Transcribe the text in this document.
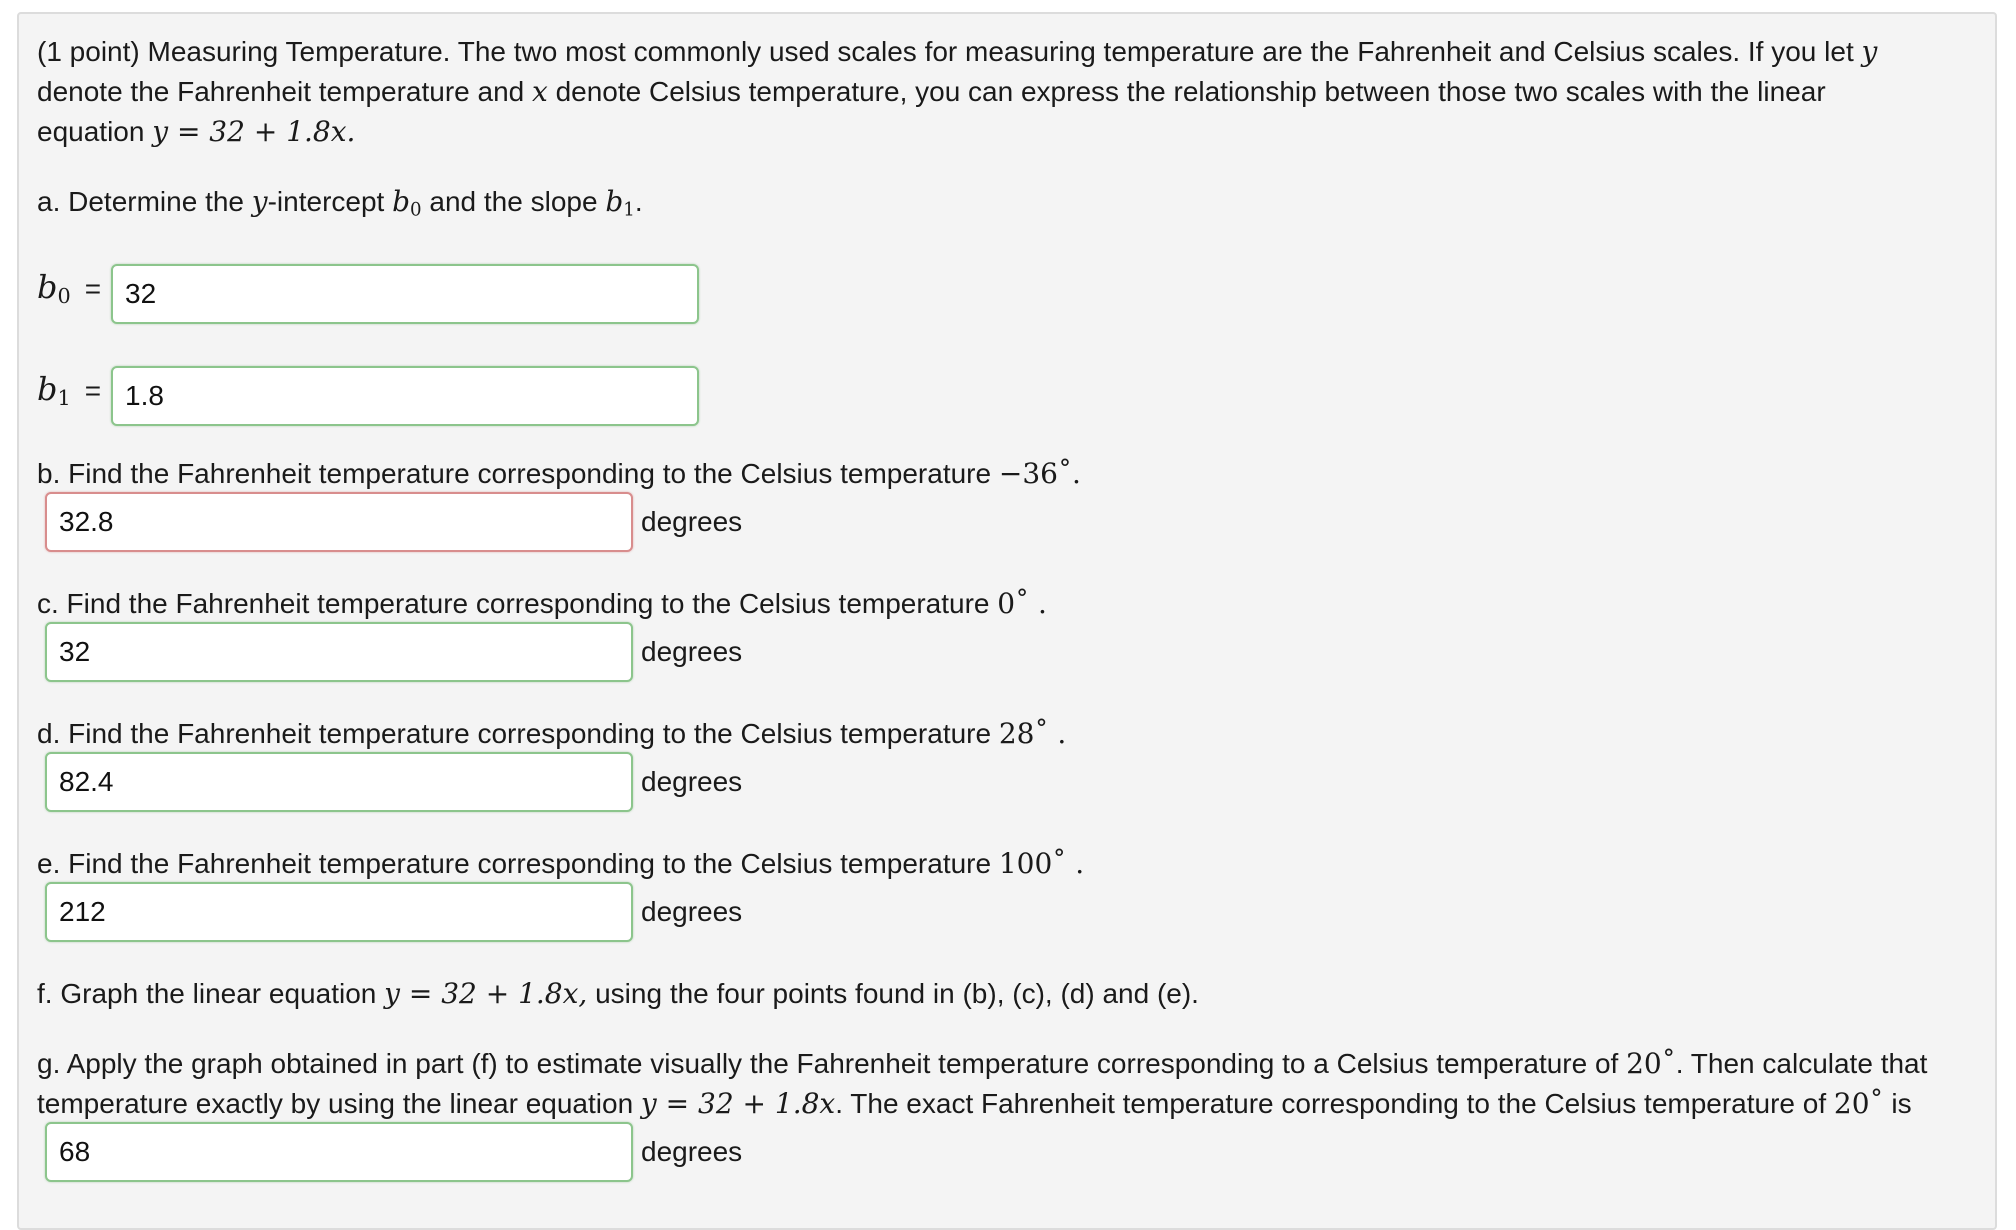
(1 point) Measuring Temperature. The two most commonly used scales for measuring temperature are the Fahrenheit and Celsius scales. If you let y
denote the Fahrenheit temperature and x denote Celsius temperature, you can express the relationship between those two scales with the linear
equation y = 32 + 1.8x.
a. Determine the y-intercept $b_0$ and the slope $b_1$.
$b_0 = 32$
$b_1 = 1.8$
b. Find the Fahrenheit temperature corresponding to the Celsius temperature −36˚.
32.8	degrees
c. Find the Fahrenheit temperature corresponding to the Celsius temperature 0˚ .
32	degrees
d. Find the Fahrenheit temperature corresponding to the Celsius temperature 28˚ .
82.4	degrees
e. Find the Fahrenheit temperature corresponding to the Celsius temperature 100˚ .
212	degrees
f. Graph the linear equation y = 32 + 1.8x, using the four points found in (b), (c), (d) and (e).
g. Apply the graph obtained in part (f) to estimate visually the Fahrenheit temperature corresponding to a Celsius temperature of 20˚. Then calculate that
temperature exactly by using the linear equation y = 32 + 1.8x. The exact Fahrenheit temperature corresponding to the Celsius temperature of 20˚ is
68	degrees
